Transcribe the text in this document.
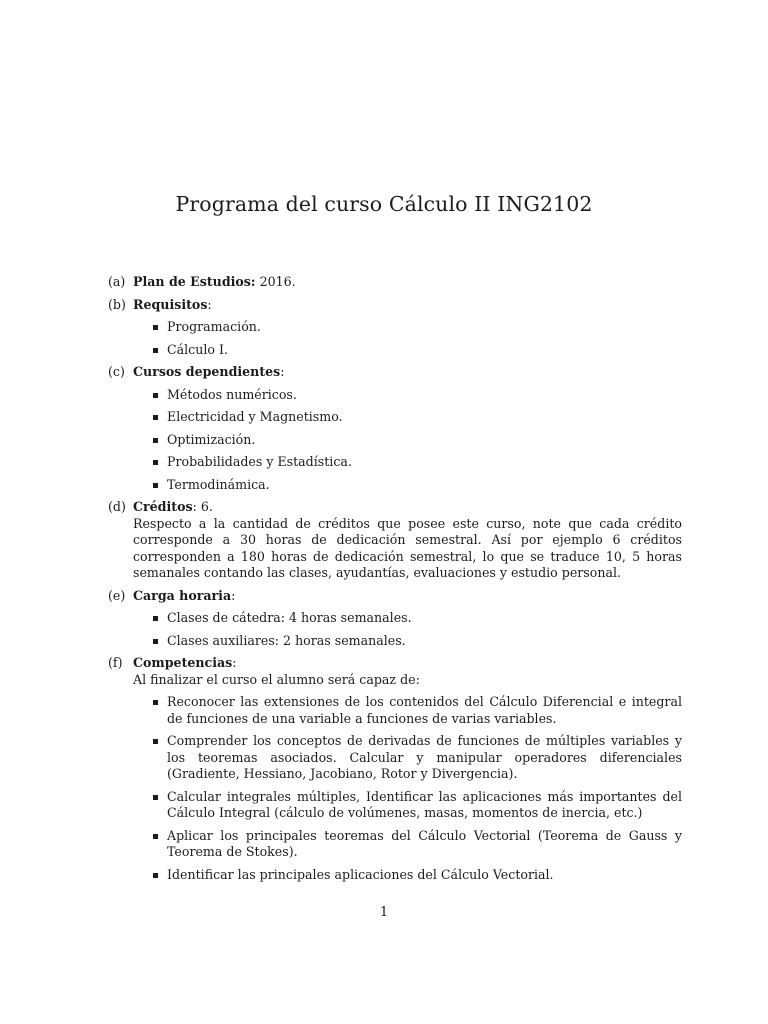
Programa del curso Cálculo II ING2102
(a) Plan de Estudios: 2016.
(b) Requisitos:
Programación.
Cálculo I.
(c) Cursos dependientes:
Métodos numéricos.
Electricidad y Magnetismo.
Optimización.
Probabilidades y Estadística.
Termodinámica.
(d) Créditos: 6.
Respecto a la cantidad de créditos que posee este curso, note que cada crédito corresponde a 30 horas de dedicación semestral. Así por ejemplo 6 créditos corresponden a 180 horas de dedicación semestral, lo que se traduce 10, 5 horas semanales contando las clases, ayudantías, evaluaciones y estudio personal.
(e) Carga horaria:
Clases de cátedra: 4 horas semanales.
Clases auxiliares: 2 horas semanales.
(f) Competencias:
Al finalizar el curso el alumno será capaz de:
Reconocer las extensiones de los contenidos del Cálculo Diferencial e integral de funciones de una variable a funciones de varias variables.
Comprender los conceptos de derivadas de funciones de múltiples variables y los teoremas asociados. Calcular y manipular operadores diferenciales (Gradiente, Hessiano, Jacobiano, Rotor y Divergencia).
Calcular integrales múltiples, Identificar las aplicaciones más importantes del Cálculo Integral (cálculo de volúmenes, masas, momentos de inercia, etc.)
Aplicar los principales teoremas del Cálculo Vectorial (Teorema de Gauss y Teorema de Stokes).
Identificar las principales aplicaciones del Cálculo Vectorial.
1
